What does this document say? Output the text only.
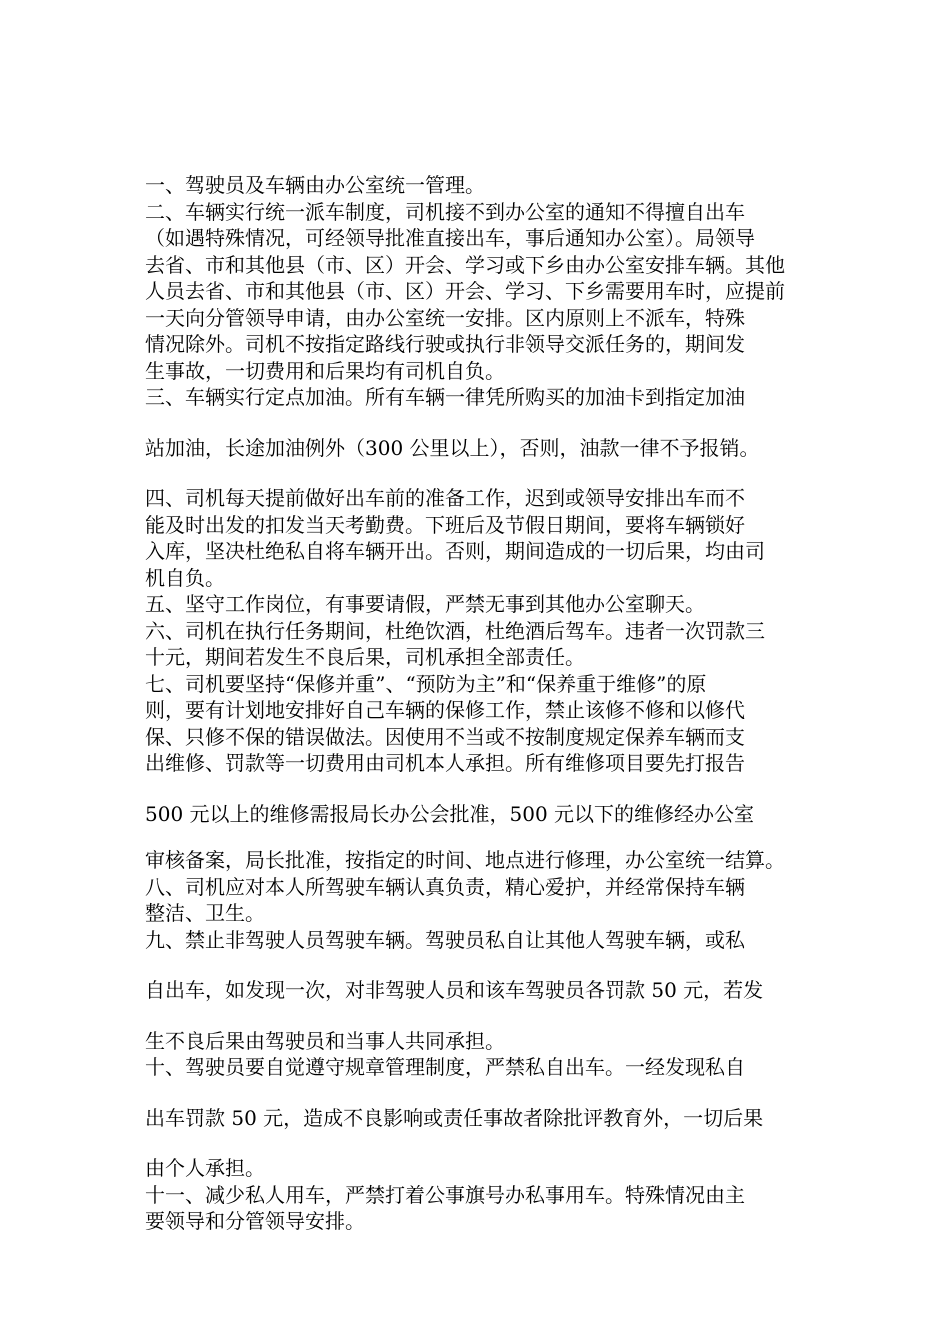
一、驾驶员及车辆由办公室统一管理。
二、车辆实行统一派车制度，司机接不到办公室的通知不得擅自出车
（如遇特殊情况，可经领导批准直接出车，事后通知办公室）。局领导
去省、市和其他县（市、区）开会、学习或下乡由办公室安排车辆。其他
人员去省、市和其他县（市、区）开会、学习、下乡需要用车时，应提前
一天向分管领导申请，由办公室统一安排。区内原则上不派车，特殊
情况除外。司机不按指定路线行驶或执行非领导交派任务的，期间发
生事故，一切费用和后果均有司机自负。
三、车辆实行定点加油。所有车辆一律凭所购买的加油卡到指定加油
站加油，长途加油例外（300 公里以上），否则，油款一律不予报销。
四、司机每天提前做好出车前的准备工作，迟到或领导安排出车而不
能及时出发的扣发当天考勤费。下班后及节假日期间，要将车辆锁好
入库，坚决杜绝私自将车辆开出。否则，期间造成的一切后果，均由司
机自负。
五、坚守工作岗位，有事要请假，严禁无事到其他办公室聊天。
六、司机在执行任务期间，杜绝饮酒，杜绝酒后驾车。违者一次罚款三
十元，期间若发生不良后果，司机承担全部责任。
七、司机要坚持“保修并重”、“预防为主”和“保养重于维修”的原
则，要有计划地安排好自己车辆的保修工作，禁止该修不修和以修代
保、只修不保的错误做法。因使用不当或不按制度规定保养车辆而支
出维修、罚款等一切费用由司机本人承担。所有维修项目要先打报告
500 元以上的维修需报局长办公会批准，500 元以下的维修经办公室
审核备案，局长批准，按指定的时间、地点进行修理，办公室统一结算。
八、司机应对本人所驾驶车辆认真负责，精心爱护，并经常保持车辆
整洁、卫生。
九、禁止非驾驶人员驾驶车辆。驾驶员私自让其他人驾驶车辆，或私
自出车，如发现一次，对非驾驶人员和该车驾驶员各罚款 50 元，若发
生不良后果由驾驶员和当事人共同承担。
十、驾驶员要自觉遵守规章管理制度，严禁私自出车。一经发现私自
出车罚款 50 元，造成不良影响或责任事故者除批评教育外，一切后果
由个人承担。
十一、减少私人用车，严禁打着公事旗号办私事用车。特殊情况由主
要领导和分管领导安排。
